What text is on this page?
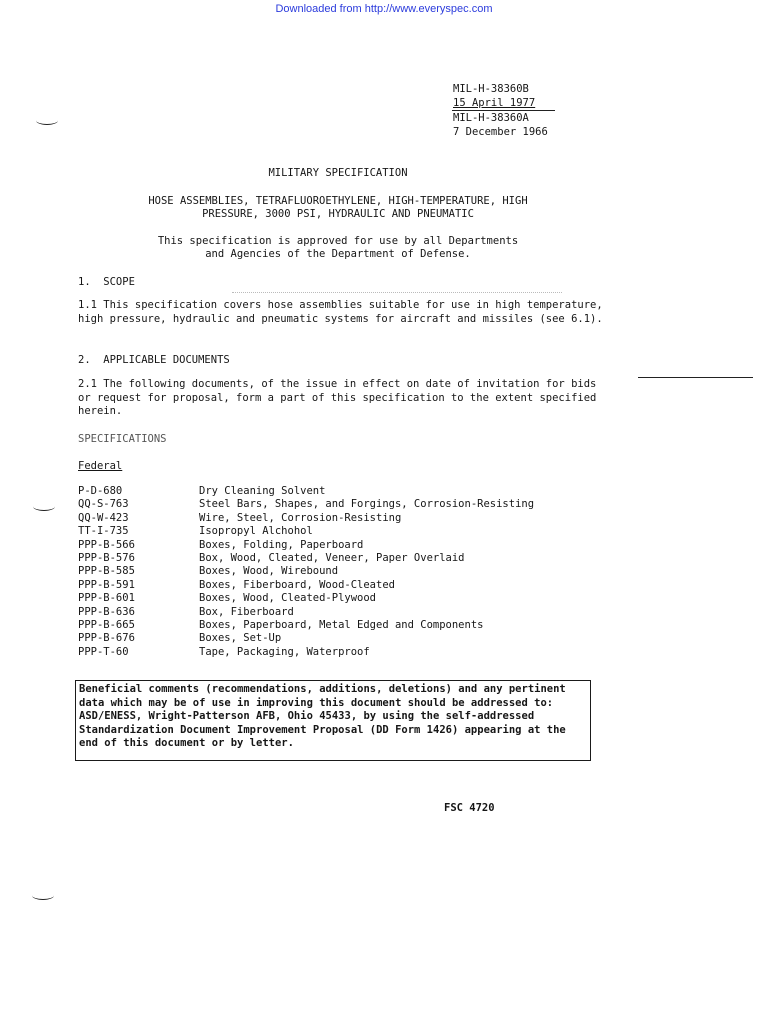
Downloaded from http://www.everyspec.com
MIL-H-38360B
15 April 1977
MIL-H-38360A
7 December 1966
MILITARY SPECIFICATION
HOSE ASSEMBLIES, TETRAFLUOROETHYLENE, HIGH-TEMPERATURE, HIGH
PRESSURE, 3000 PSI, HYDRAULIC AND PNEUMATIC
This specification is approved for use by all Departments
and Agencies of the Department of Defense.
1.  SCOPE
1.1 This specification covers hose assemblies suitable for use in high temperature, high pressure, hydraulic and pneumatic systems for aircraft and missiles (see 6.1).
2.  APPLICABLE DOCUMENTS
2.1 The following documents, of the issue in effect on date of invitation for bids or request for proposal, form a part of this specification to the extent specified herein.
SPECIFICATIONS
Federal
P-D-680	Dry Cleaning Solvent
QQ-S-763	Steel Bars, Shapes, and Forgings, Corrosion-Resisting
QQ-W-423	Wire, Steel, Corrosion-Resisting
TT-I-735	Isopropyl Alchohol
PPP-B-566	Boxes, Folding, Paperboard
PPP-B-576	Box, Wood, Cleated, Veneer, Paper Overlaid
PPP-B-585	Boxes, Wood, Wirebound
PPP-B-591	Boxes, Fiberboard, Wood-Cleated
PPP-B-601	Boxes, Wood, Cleated-Plywood
PPP-B-636	Box, Fiberboard
PPP-B-665	Boxes, Paperboard, Metal Edged and Components
PPP-B-676	Boxes, Set-Up
PPP-T-60	Tape, Packaging, Waterproof
Beneficial comments (recommendations, additions, deletions) and any pertinent
data which may be of use in improving this document should be addressed to:
ASD/ENESS, Wright-Patterson AFB, Ohio 45433, by using the self-addressed
Standardization Document Improvement Proposal (DD Form 1426) appearing at the
end of this document or by letter.
FSC 4720
